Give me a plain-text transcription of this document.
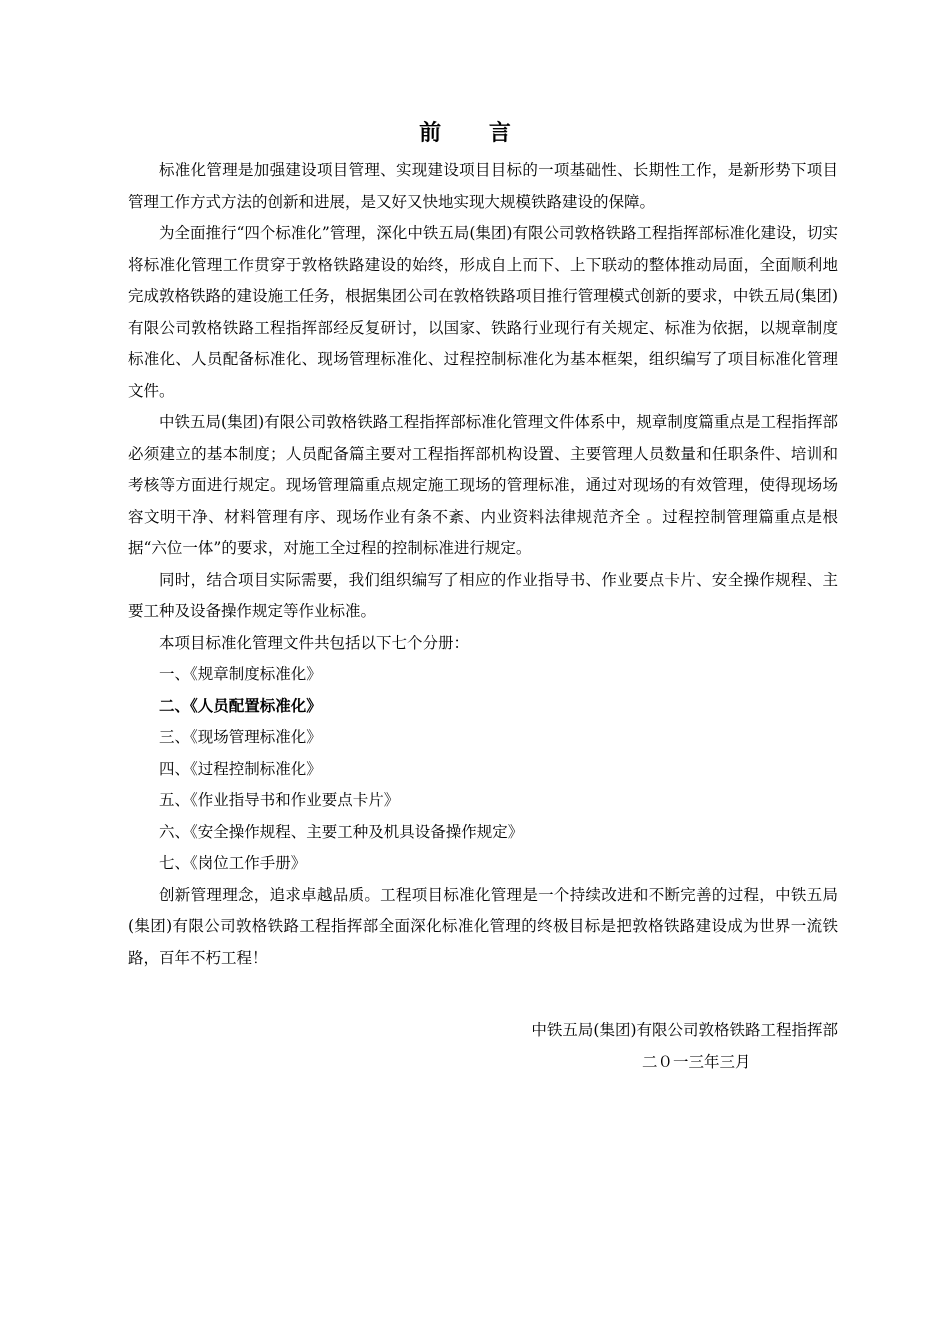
前 言

标准化管理是加强建设项目管理、实现建设项目目标的一项基础性、长期性工作，是新形势下项目管理工作方式方法的创新和进展，是又好又快地实现大规模铁路建设的保障。

为全面推行“四个标准化”管理，深化中铁五局(集团)有限公司敦格铁路工程指挥部标准化建设，切实将标准化管理工作贯穿于敦格铁路建设的始终，形成自上而下、上下联动的整体推动局面，全面顺利地完成敦格铁路的建设施工任务，根据集团公司在敦格铁路项目推行管理模式创新的要求，中铁五局(集团)有限公司敦格铁路工程指挥部经反复研讨，以国家、铁路行业现行有关规定、标准为依据，以规章制度标准化、人员配备标准化、现场管理标准化、过程控制标准化为基本框架，组织编写了项目标准化管理文件。

中铁五局(集团)有限公司敦格铁路工程指挥部标准化管理文件体系中，规章制度篇重点是工程指挥部必须建立的基本制度；人员配备篇主要对工程指挥部机构设置、主要管理人员数量和任职条件、培训和考核等方面进行规定。现场管理篇重点规定施工现场的管理标准，通过对现场的有效管理，使得现场场容文明干净、材料管理有序、现场作业有条不紊、内业资料法律规范齐全 。过程控制管理篇重点是根据“六位一体”的要求，对施工全过程的控制标准进行规定。

同时，结合项目实际需要，我们组织编写了相应的作业指导书、作业要点卡片、安全操作规程、主要工种及设备操作规定等作业标准。

本项目标准化管理文件共包括以下七个分册：

一、《规章制度标准化》

二、《人员配置标准化》

三、《现场管理标准化》

四、《过程控制标准化》

五、《作业指导书和作业要点卡片》

六、《安全操作规程、主要工种及机具设备操作规定》

七、《岗位工作手册》

创新管理理念，追求卓越品质。工程项目标准化管理是一个持续改进和不断完善的过程，中铁五局(集团)有限公司敦格铁路工程指挥部全面深化标准化管理的终极目标是把敦格铁路建设成为世界一流铁路，百年不朽工程！

中铁五局(集团)有限公司敦格铁路工程指挥部

二０一三年三月
